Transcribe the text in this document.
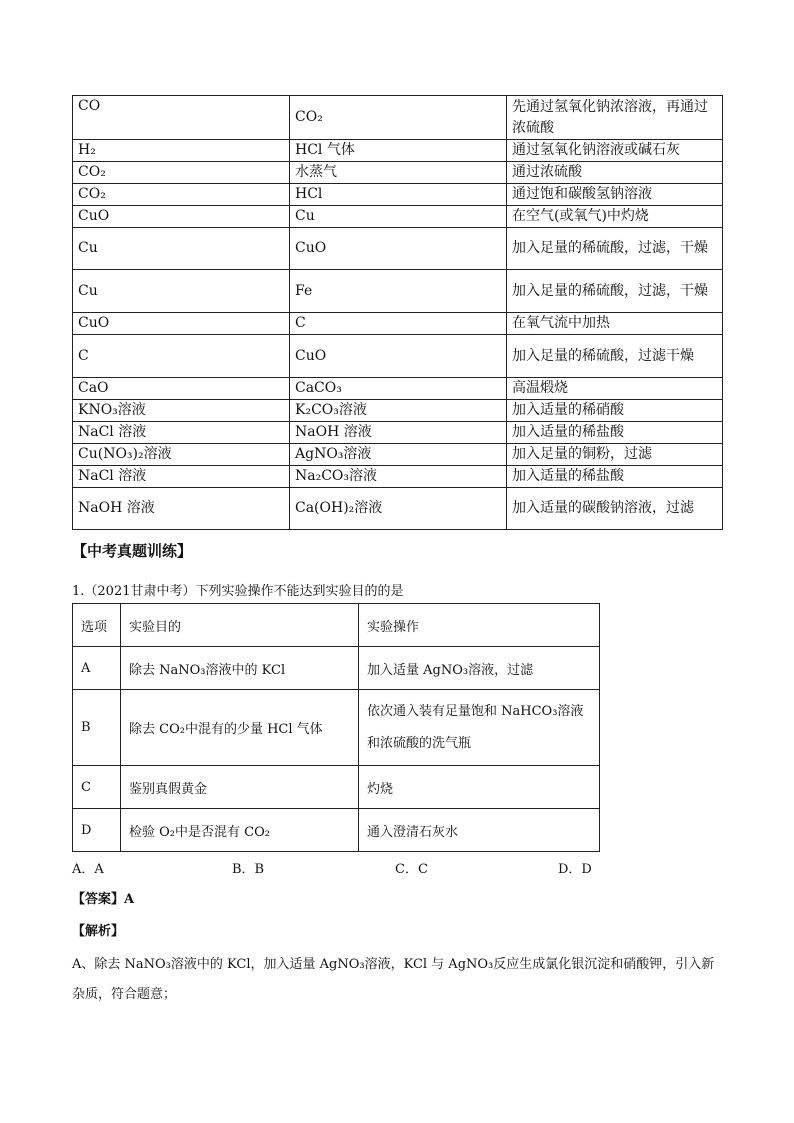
CO	CO₂	先通过氢氧化钠浓溶液，再通过浓硫酸
H₂	HCl 气体	通过氢氧化钠溶液或碱石灰
CO₂	水蒸气	通过浓硫酸
CO₂	HCl	通过饱和碳酸氢钠溶液
CuO	Cu	在空气(或氧气)中灼烧
Cu	CuO	加入足量的稀硫酸，过滤，干燥
Cu	Fe	加入足量的稀硫酸，过滤，干燥
CuO	C	在氧气流中加热
C	CuO	加入足量的稀硫酸，过滤干燥
CaO	CaCO₃	高温煅烧
KNO₃溶液	K₂CO₃溶液	加入适量的稀硝酸
NaCl 溶液	NaOH 溶液	加入适量的稀盐酸
Cu(NO₃)₂溶液	AgNO₃溶液	加入足量的铜粉，过滤
NaCl 溶液	Na₂CO₃溶液	加入适量的稀盐酸
NaOH 溶液	Ca(OH)₂溶液	加入适量的碳酸钠溶液，过滤
【中考真题训练】
1.（2021甘肃中考）下列实验操作不能达到实验目的的是
选项	实验目的	实验操作
A	除去 NaNO₃溶液中的 KCl	加入适量 AgNO₃溶液，过滤
B	除去 CO₂中混有的少量 HCl 气体	依次通入装有足量饱和 NaHCO₃溶液和浓硫酸的洗气瓶
C	鉴别真假黄金	灼烧
D	检验 O₂中是否混有 CO₂	通入澄清石灰水
A．A	B．B	C．C	D．D
【答案】A
【解析】
A、除去 NaNO₃溶液中的 KCl，加入适量 AgNO₃溶液，KCl 与 AgNO₃反应生成氯化银沉淀和硝酸钾，引入新杂质，符合题意；
